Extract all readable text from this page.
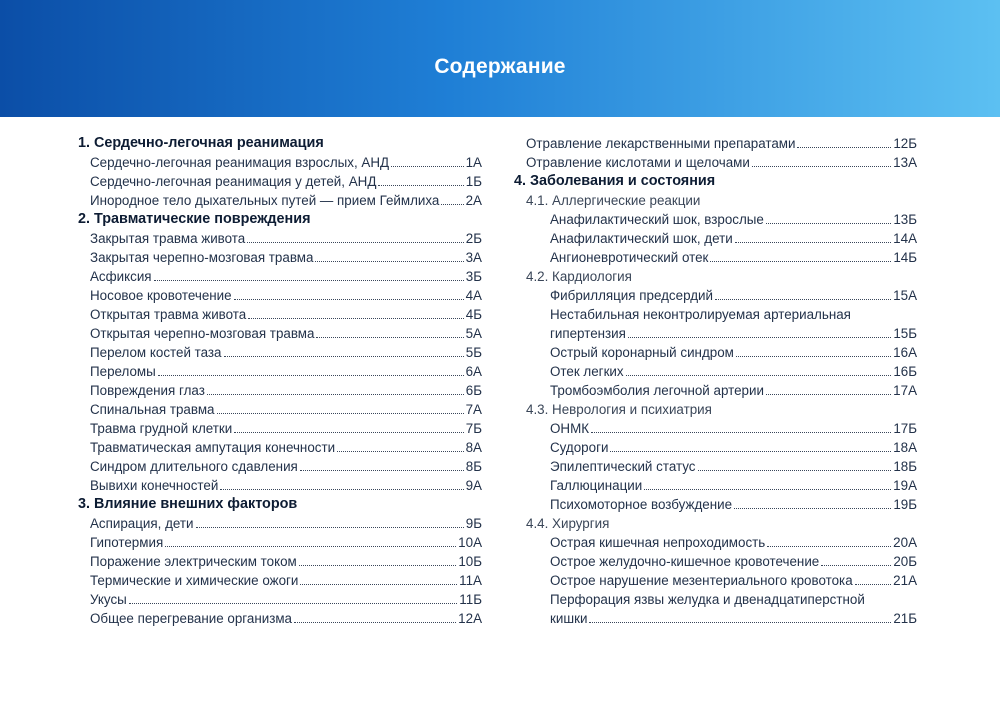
Содержание
1. Сердечно-легочная реанимация
Сердечно-легочная реанимация взрослых, АНД	1А
Сердечно-легочная реанимация у детей, АНД	1Б
Инородное тело дыхательных путей — прием Геймлиха 2А
2. Травматические повреждения
Закрытая травма живота	2Б
Закрытая черепно-мозговая травма	3А
Асфиксия	3Б
Носовое кровотечение	4А
Открытая травма живота	4Б
Открытая черепно-мозговая травма	5А
Перелом костей таза	5Б
Переломы	6А
Повреждения глаз	6Б
Спинальная травма	7А
Травма грудной клетки	7Б
Травматическая ампутация конечности	8А
Синдром длительного сдавления	8Б
Вывихи конечностей	9А
3. Влияние внешних факторов
Аспирация, дети	9Б
Гипотермия	10А
Поражение электрическим током	10Б
Термические и химические ожоги	11А
Укусы	11Б
Общее перегревание организма	12А
Отравление лекарственными препаратами	12Б
Отравление кислотами и щелочами	13А
4. Заболевания и состояния
4.1. Аллергические реакции
Анафилактический шок, взрослые	13Б
Анафилактический шок, дети	14А
Ангионевротический отек	14Б
4.2. Кардиология
Фибрилляция предсердий	15А
Нестабильная неконтролируемая артериальная
гипертензия	15Б
Острый коронарный синдром	16А
Отек легких	16Б
Тромбоэмболия легочной артерии	17А
4.3. Неврология и психиатрия
ОНМК	17Б
Судороги	18А
Эпилептический статус	18Б
Галлюцинации	19А
Психомоторное возбуждение	19Б
4.4. Хирургия
Острая кишечная непроходимость	20А
Острое желудочно-кишечное кровотечение	20Б
Острое нарушение мезентериального кровотока	21А
Перфорация язвы желудка и двенадцатиперстной
кишки	21Б
